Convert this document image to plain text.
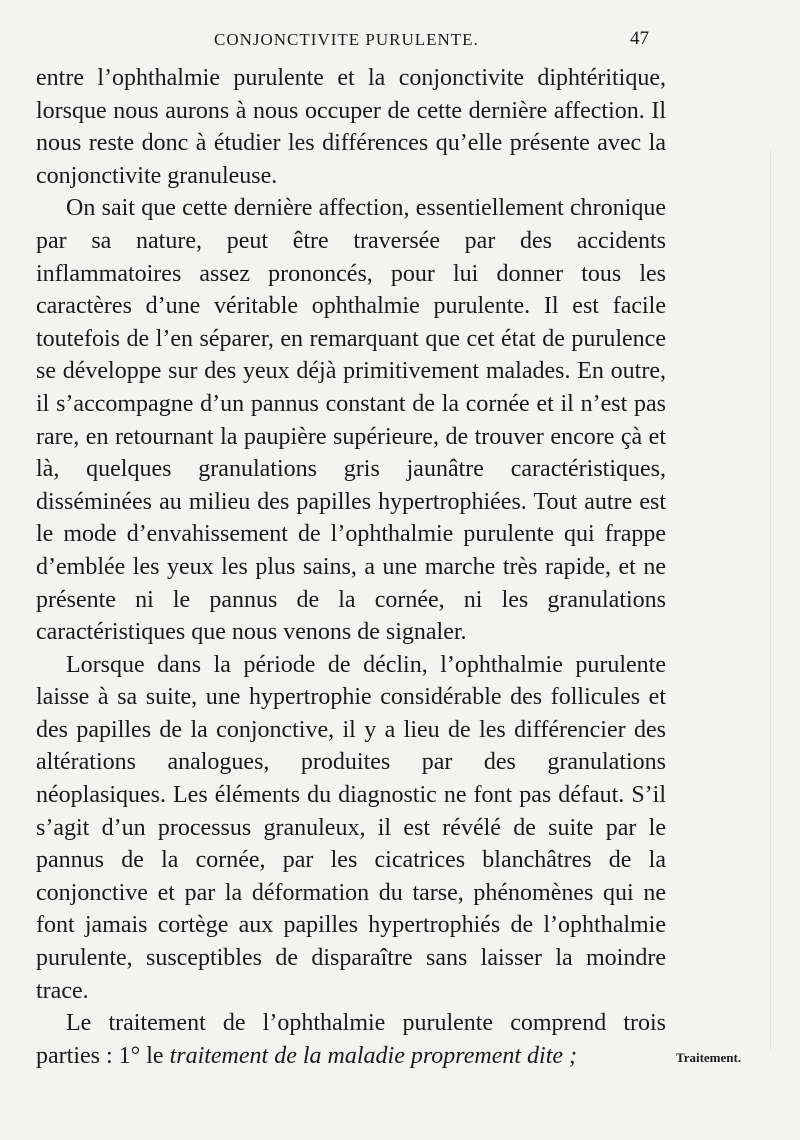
CONJONCTIVITE PURULENTE.	47

entre l’ophthalmie purulente et la conjonctivite diphtéritique, lorsque nous aurons à nous occuper de cette dernière affection. Il nous reste donc à étudier les différences qu’elle présente avec la conjonctivite granuleuse.

On sait que cette dernière affection, essentiellement chronique par sa nature, peut être traversée par des accidents inflammatoires assez prononcés, pour lui donner tous les caractères d’une véritable ophthalmie purulente. Il est facile toutefois de l’en séparer, en remarquant que cet état de purulence se développe sur des yeux déjà primitivement malades. En outre, il s’accompagne d’un pannus constant de la cornée et il n’est pas rare, en retournant la paupière supérieure, de trouver encore çà et là, quelques granulations gris jaunâtre caractéristiques, disséminées au milieu des papilles hypertrophiées. Tout autre est le mode d’envahissement de l’ophthalmie purulente qui frappe d’emblée les yeux les plus sains, a une marche très rapide, et ne présente ni le pannus de la cornée, ni les granulations caractéristiques que nous venons de signaler.

Lorsque dans la période de déclin, l’ophthalmie purulente laisse à sa suite, une hypertrophie considérable des follicules et des papilles de la conjonctive, il y a lieu de les différencier des altérations analogues, produites par des granulations néoplasiques. Les éléments du diagnostic ne font pas défaut. S’il s’agit d’un processus granuleux, il est révélé de suite par le pannus de la cornée, par les cicatrices blanchâtres de la conjonctive et par la déformation du tarse, phénomènes qui ne font jamais cortège aux papilles hypertrophiés de l’ophthalmie purulente, susceptibles de disparaître sans laisser la moindre trace.

Le traitement de l’ophthalmie purulente comprend trois parties : 1° le traitement de la maladie proprement dite ;	Traitement.
